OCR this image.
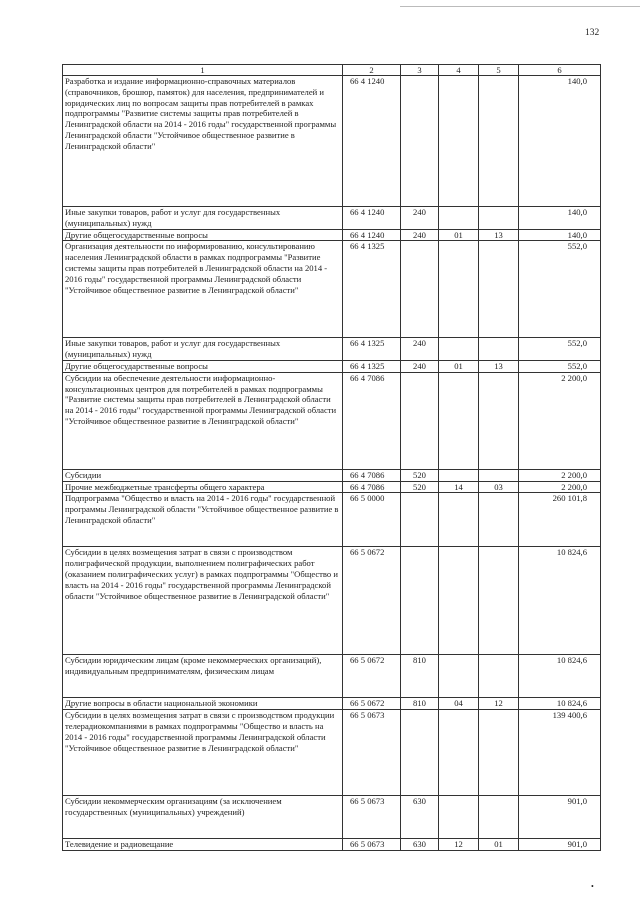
132
1	2	3	4	5	6
Разработка и издание информационно-справочных материалов (справочников, брошюр, памяток) для населения, предпринимателей и юридических лиц по вопросам защиты прав потребителей в рамках подпрограммы "Развитие системы защиты прав потребителей в Ленинградской области на 2014 - 2016 годы" государственной программы Ленинградской области "Устойчивое общественное развитие в Ленинградской области"	66 4 1240				140,0
Иные закупки товаров, работ и услуг для государственных (муниципальных) нужд	66 4 1240	240			140,0
Другие общегосударственные вопросы	66 4 1240	240	01	13	140,0
Организация деятельности по информированию, консультированию населения Ленинградской области в рамках подпрограммы "Развитие системы защиты прав потребителей в Ленинградской области на 2014 - 2016 годы" государственной программы Ленинградской области "Устойчивое общественное развитие в Ленинградской области"	66 4 1325				552,0
Иные закупки товаров, работ и услуг для государственных (муниципальных) нужд	66 4 1325	240			552,0
Другие общегосударственные вопросы	66 4 1325	240	01	13	552,0
Субсидии на обеспечение деятельности информационно-консультационных центров для потребителей в рамках подпрограммы "Развитие системы защиты прав потребителей в Ленинградской области на 2014 - 2016 годы" государственной программы Ленинградской области "Устойчивое общественное развитие в Ленинградской области"	66 4 7086				2 200,0
Субсидии	66 4 7086	520			2 200,0
Прочие межбюджетные трансферты общего характера	66 4 7086	520	14	03	2 200,0
Подпрограмма "Общество и власть на 2014 - 2016 годы" государственной программы Ленинградской области "Устойчивое общественное развитие в Ленинградской области"	66 5 0000				260 101,8
Субсидии в целях возмещения затрат в связи с производством полиграфической продукции, выполнением полиграфических работ (оказанием полиграфических услуг) в рамках подпрограммы "Общество и власть на 2014 - 2016 годы" государственной программы Ленинградской области "Устойчивое общественное развитие в Ленинградской области"	66 5 0672				10 824,6
Субсидии юридическим лицам (кроме некоммерческих организаций), индивидуальным предпринимателям, физическим лицам	66 5 0672	810			10 824,6
Другие вопросы в области национальной экономики	66 5 0672	810	04	12	10 824,6
Субсидии в целях возмещения затрат в связи с производством продукции телерадиокомпаниями в рамках подпрограммы "Общество и власть на 2014 - 2016 годы" государственной программы Ленинградской области "Устойчивое общественное развитие в Ленинградской области"	66 5 0673				139 400,6
Субсидии некоммерческим организациям (за исключением государственных (муниципальных) учреждений)	66 5 0673	630			901,0
Телевидение и радиовещание	66 5 0673	630	12	01	901,0
•
